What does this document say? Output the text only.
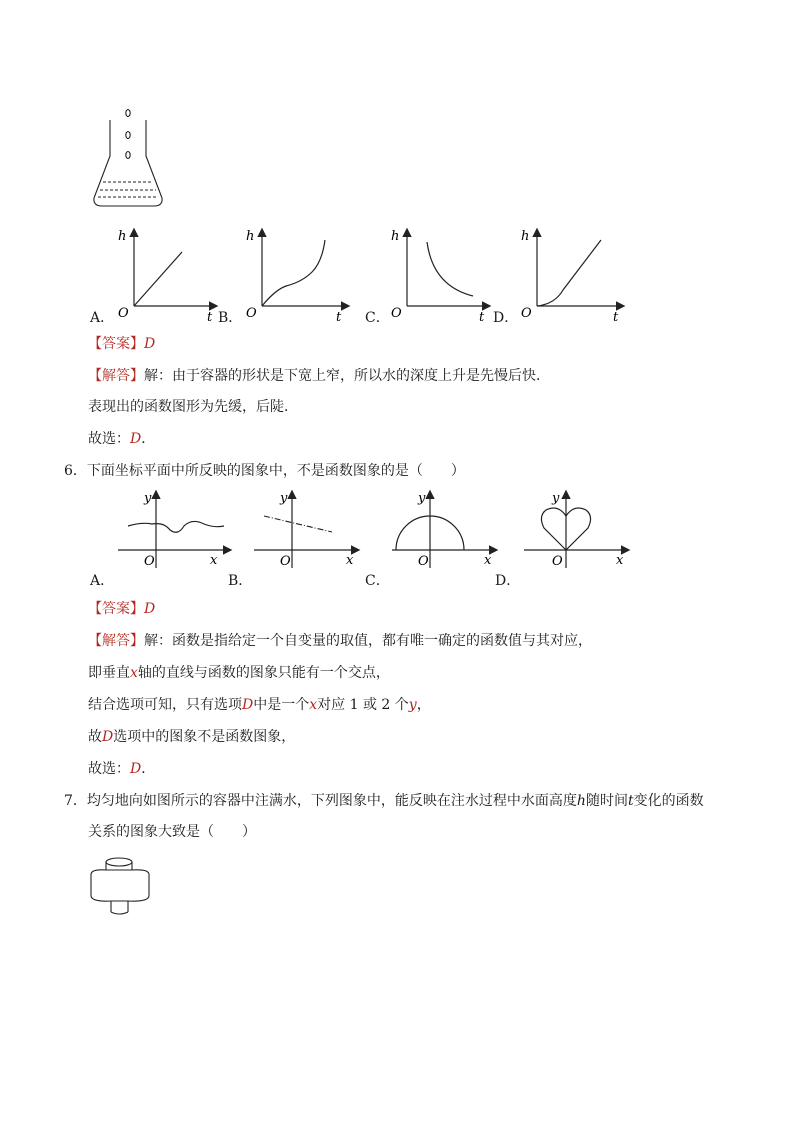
h
O	t
A．
h
O	t
B．
h
O	t
C．
h
O	t
D．
【答案】D
【解答】解：由于容器的形状是下宽上窄，所以水的深度上升是先慢后快．
表现出的函数图形为先缓，后陡．
故选：D．
6．下面坐标平面中所反映的图象中，不是函数图象的是（　　）
y
O	x
A．
y
O	x
B．
y
O	x
C．
y
O	x
D．
【答案】D
【解答】解：函数是指给定一个自变量的取值，都有唯一确定的函数值与其对应，
即垂直x轴的直线与函数的图象只能有一个交点，
结合选项可知，只有选项D中是一个x对应 1 或 2 个y，
故D选项中的图象不是函数图象，
故选：D．
7．均匀地向如图所示的容器中注满水，下列图象中，能反映在注水过程中水面高度h随时间t变化的函数
关系的图象大致是（　　）
